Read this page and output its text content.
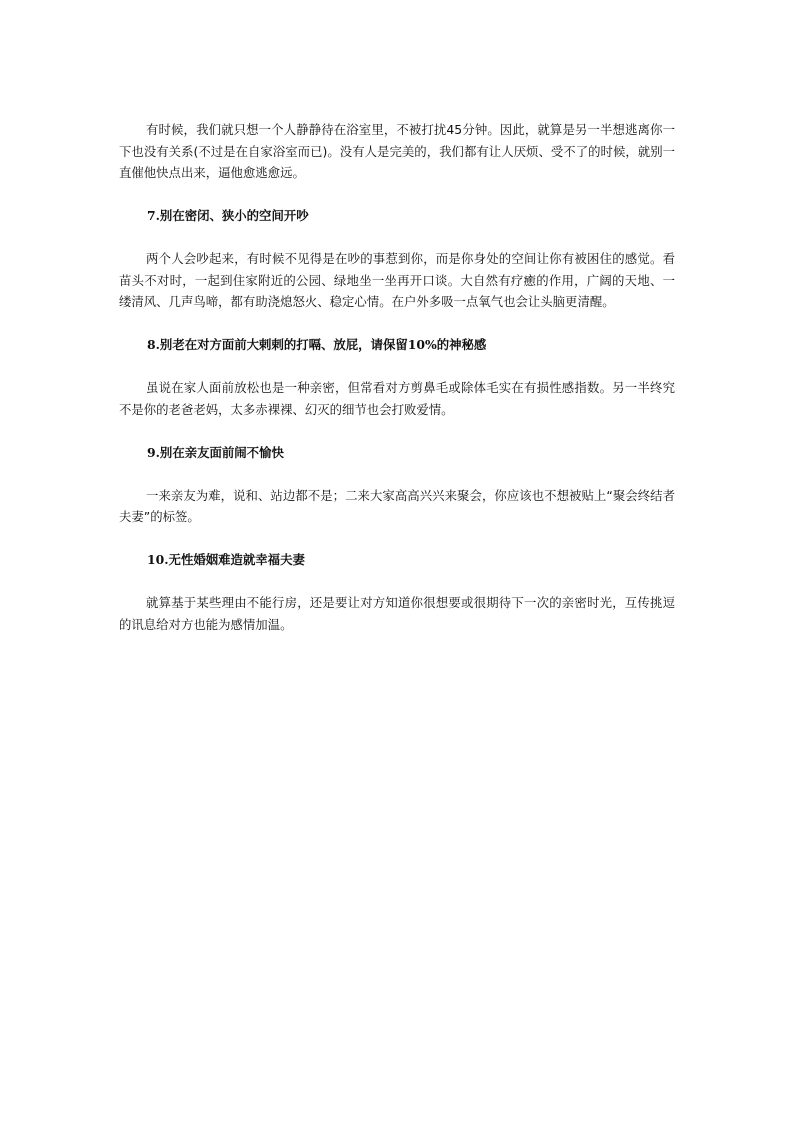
有时候，我们就只想一个人静静待在浴室里，不被打扰45分钟。因此，就算是另一半想逃离你一下也没有关系(不过是在自家浴室而已)。没有人是完美的，我们都有让人厌烦、受不了的时候，就别一直催他快点出来，逼他愈逃愈远。

7.别在密闭、狭小的空间开吵

两个人会吵起来，有时候不见得是在吵的事惹到你，而是你身处的空间让你有被困住的感觉。看苗头不对时，一起到住家附近的公园、绿地坐一坐再开口谈。大自然有疗癒的作用，广阔的天地、一缕清风、几声鸟啼，都有助浇熄怒火、稳定心情。在户外多吸一点氧气也会让头脑更清醒。

8.别老在对方面前大剌剌的打嗝、放屁，请保留10%的神秘感

虽说在家人面前放松也是一种亲密，但常看对方剪鼻毛或除体毛实在有损性感指数。另一半终究不是你的老爸老妈，太多赤裸裸、幻灭的细节也会打败爱情。

9.别在亲友面前闹不愉快

一来亲友为难，说和、站边都不是；二来大家高高兴兴来聚会，你应该也不想被贴上“聚会终结者夫妻”的标签。

10.无性婚姻难造就幸福夫妻

就算基于某些理由不能行房，还是要让对方知道你很想要或很期待下一次的亲密时光，互传挑逗的讯息给对方也能为感情加温。
